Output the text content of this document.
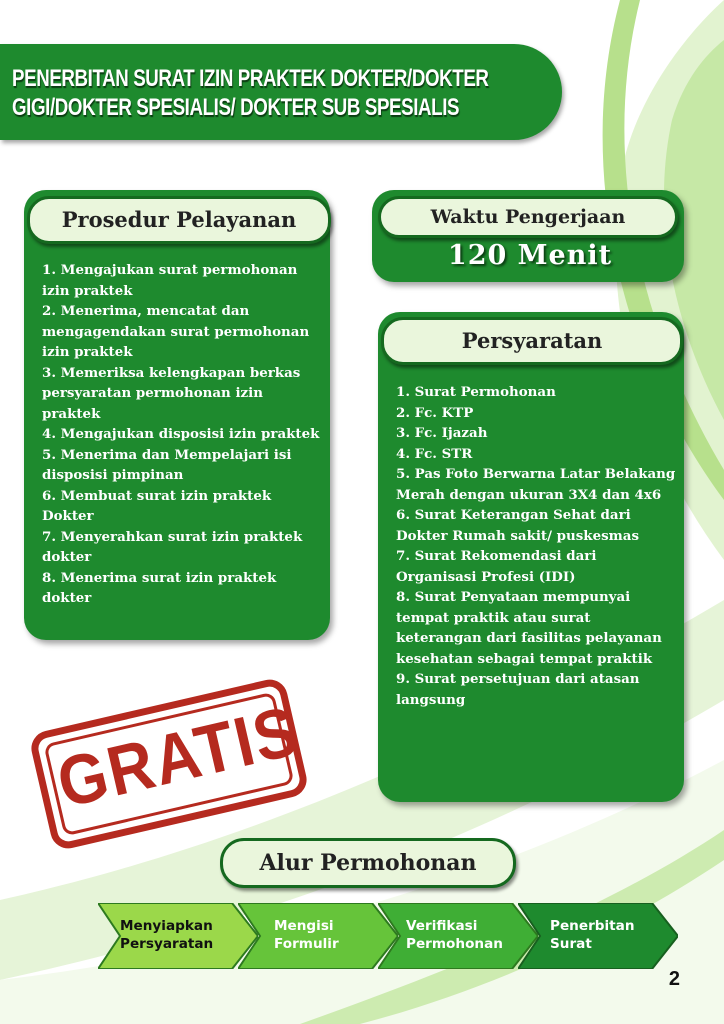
PENERBITAN SURAT IZIN PRAKTEK DOKTER/DOKTER
GIGI/DOKTER SPESIALIS/ DOKTER SUB SPESIALIS
Prosedur Pelayanan
1. Mengajukan surat permohonan izin praktek
2. Menerima, mencatat dan mengagendakan surat permohonan izin praktek
3. Memeriksa kelengkapan berkas persyaratan permohonan izin praktek
4. Mengajukan disposisi izin praktek
5. Menerima dan Mempelajari isi disposisi pimpinan
6. Membuat surat izin praktek Dokter
7. Menyerahkan surat izin praktek dokter
8. Menerima surat izin praktek dokter
Waktu Pengerjaan
120 Menit
Persyaratan
1. Surat Permohonan
2. Fc. KTP
3. Fc. Ijazah
4. Fc. STR
5. Pas Foto Berwarna Latar Belakang Merah dengan ukuran 3X4 dan 4x6
6. Surat Keterangan Sehat dari Dokter Rumah sakit/ puskesmas
7. Surat Rekomendasi dari Organisasi Profesi (IDI)
8. Surat Penyataan mempunyai tempat praktik atau surat keterangan dari fasilitas pelayanan kesehatan sebagai tempat praktik
9. Surat persetujuan dari atasan langsung
GRATIS
Alur Permohonan

Menyiapkan
Persyaratan

Mengisi
Formulir

Verifikasi
Permohonan

Penerbitan
Surat

2
